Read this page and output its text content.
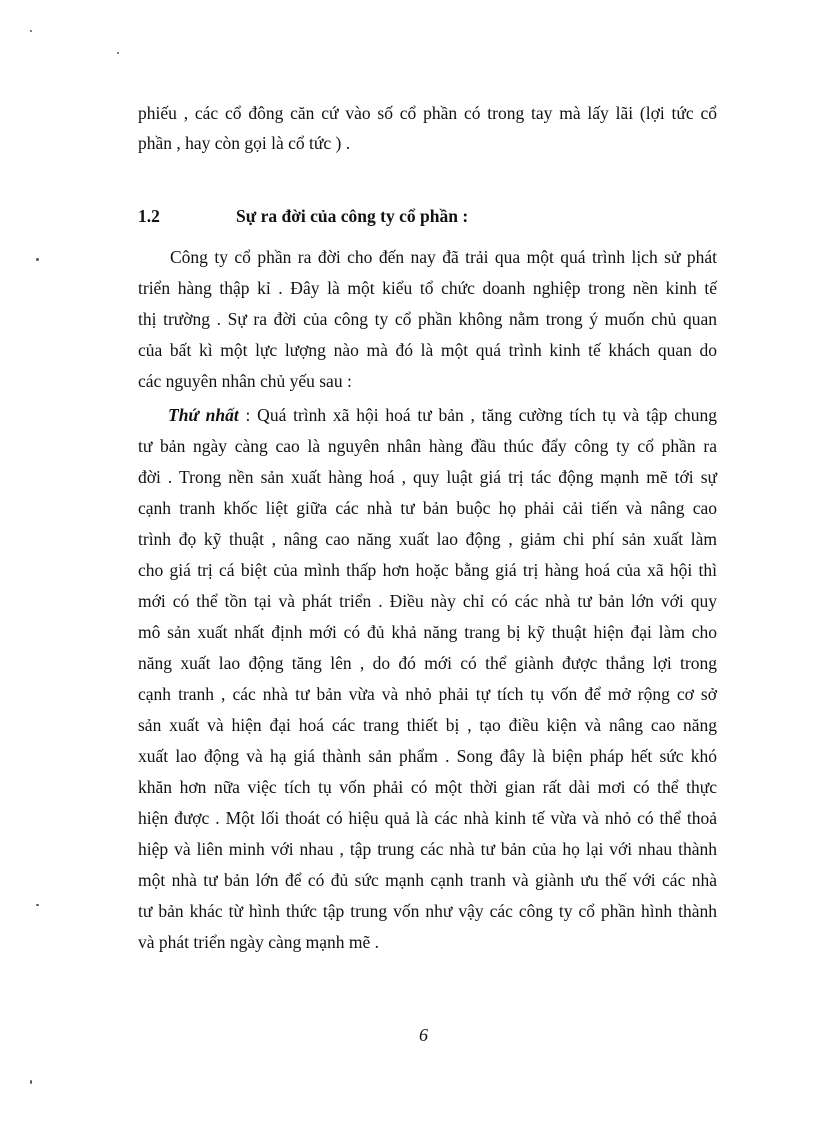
phiếu , các cổ đông căn cứ vào số cổ phần có trong tay mà lấy lãi (lợi tức cổ
phần , hay còn gọi là cổ tức ) .
1.2	Sự ra đời của công ty cổ phần :
Công ty cổ phần ra đời cho đến nay đã trải qua một quá trình lịch sử phát
triển hàng thập kỉ . Đây là một kiểu tổ chức doanh nghiệp trong nền kinh tế
thị trường . Sự ra đời của công ty cổ phần không nằm trong ý muốn chủ quan
của bất kì một lực lượng nào mà đó là một quá trình kinh tế khách quan do
các nguyên nhân chủ yếu sau :
Thứ nhất : Quá trình xã hội hoá tư bản , tăng cường tích tụ và tập chung
tư bản ngày càng cao là nguyên nhân hàng đầu thúc đẩy công ty cổ phần ra
đời . Trong nền sản xuất hàng hoá , quy luật giá trị tác động mạnh mẽ tới sự
cạnh tranh khốc liệt giữa các nhà tư bản buộc họ phải cải tiến và nâng cao
trình đọ kỹ thuật , nâng cao năng xuất lao động , giảm chi phí sản xuất làm
cho giá trị cá biệt của mình thấp hơn hoặc bằng giá trị hàng hoá của xã hội thì
mới có thể tồn tại và phát triển . Điều này chỉ có các nhà tư bản lớn với quy
mô sản xuất nhất định mới có đủ khả năng trang bị kỹ thuật hiện đại làm cho
năng xuất lao động tăng lên , do đó mới có thể giành được thắng lợi trong
cạnh tranh , các nhà tư bản vừa và nhỏ phải tự tích tụ vốn để mở rộng cơ sở
sản xuất và hiện đại hoá các trang thiết bị , tạo điều kiện và nâng cao năng
xuất lao động và hạ giá thành sản phẩm . Song đây là biện pháp hết sức khó
khăn hơn nữa việc tích tụ vốn phải có một thời gian rất dài mơi có thể thực
hiện được . Một lối thoát có hiệu quả là các nhà kinh tế vừa và nhỏ có thể thoả
hiệp và liên minh với nhau , tập trung các nhà tư bản của họ lại với nhau thành
một nhà tư bản lớn để có đủ sức mạnh cạnh tranh và giành ưu thế với các nhà
tư bản khác từ hình thức tập trung vốn như vậy các công ty cổ phần hình thành
và phát triển ngày càng mạnh mẽ .
6
